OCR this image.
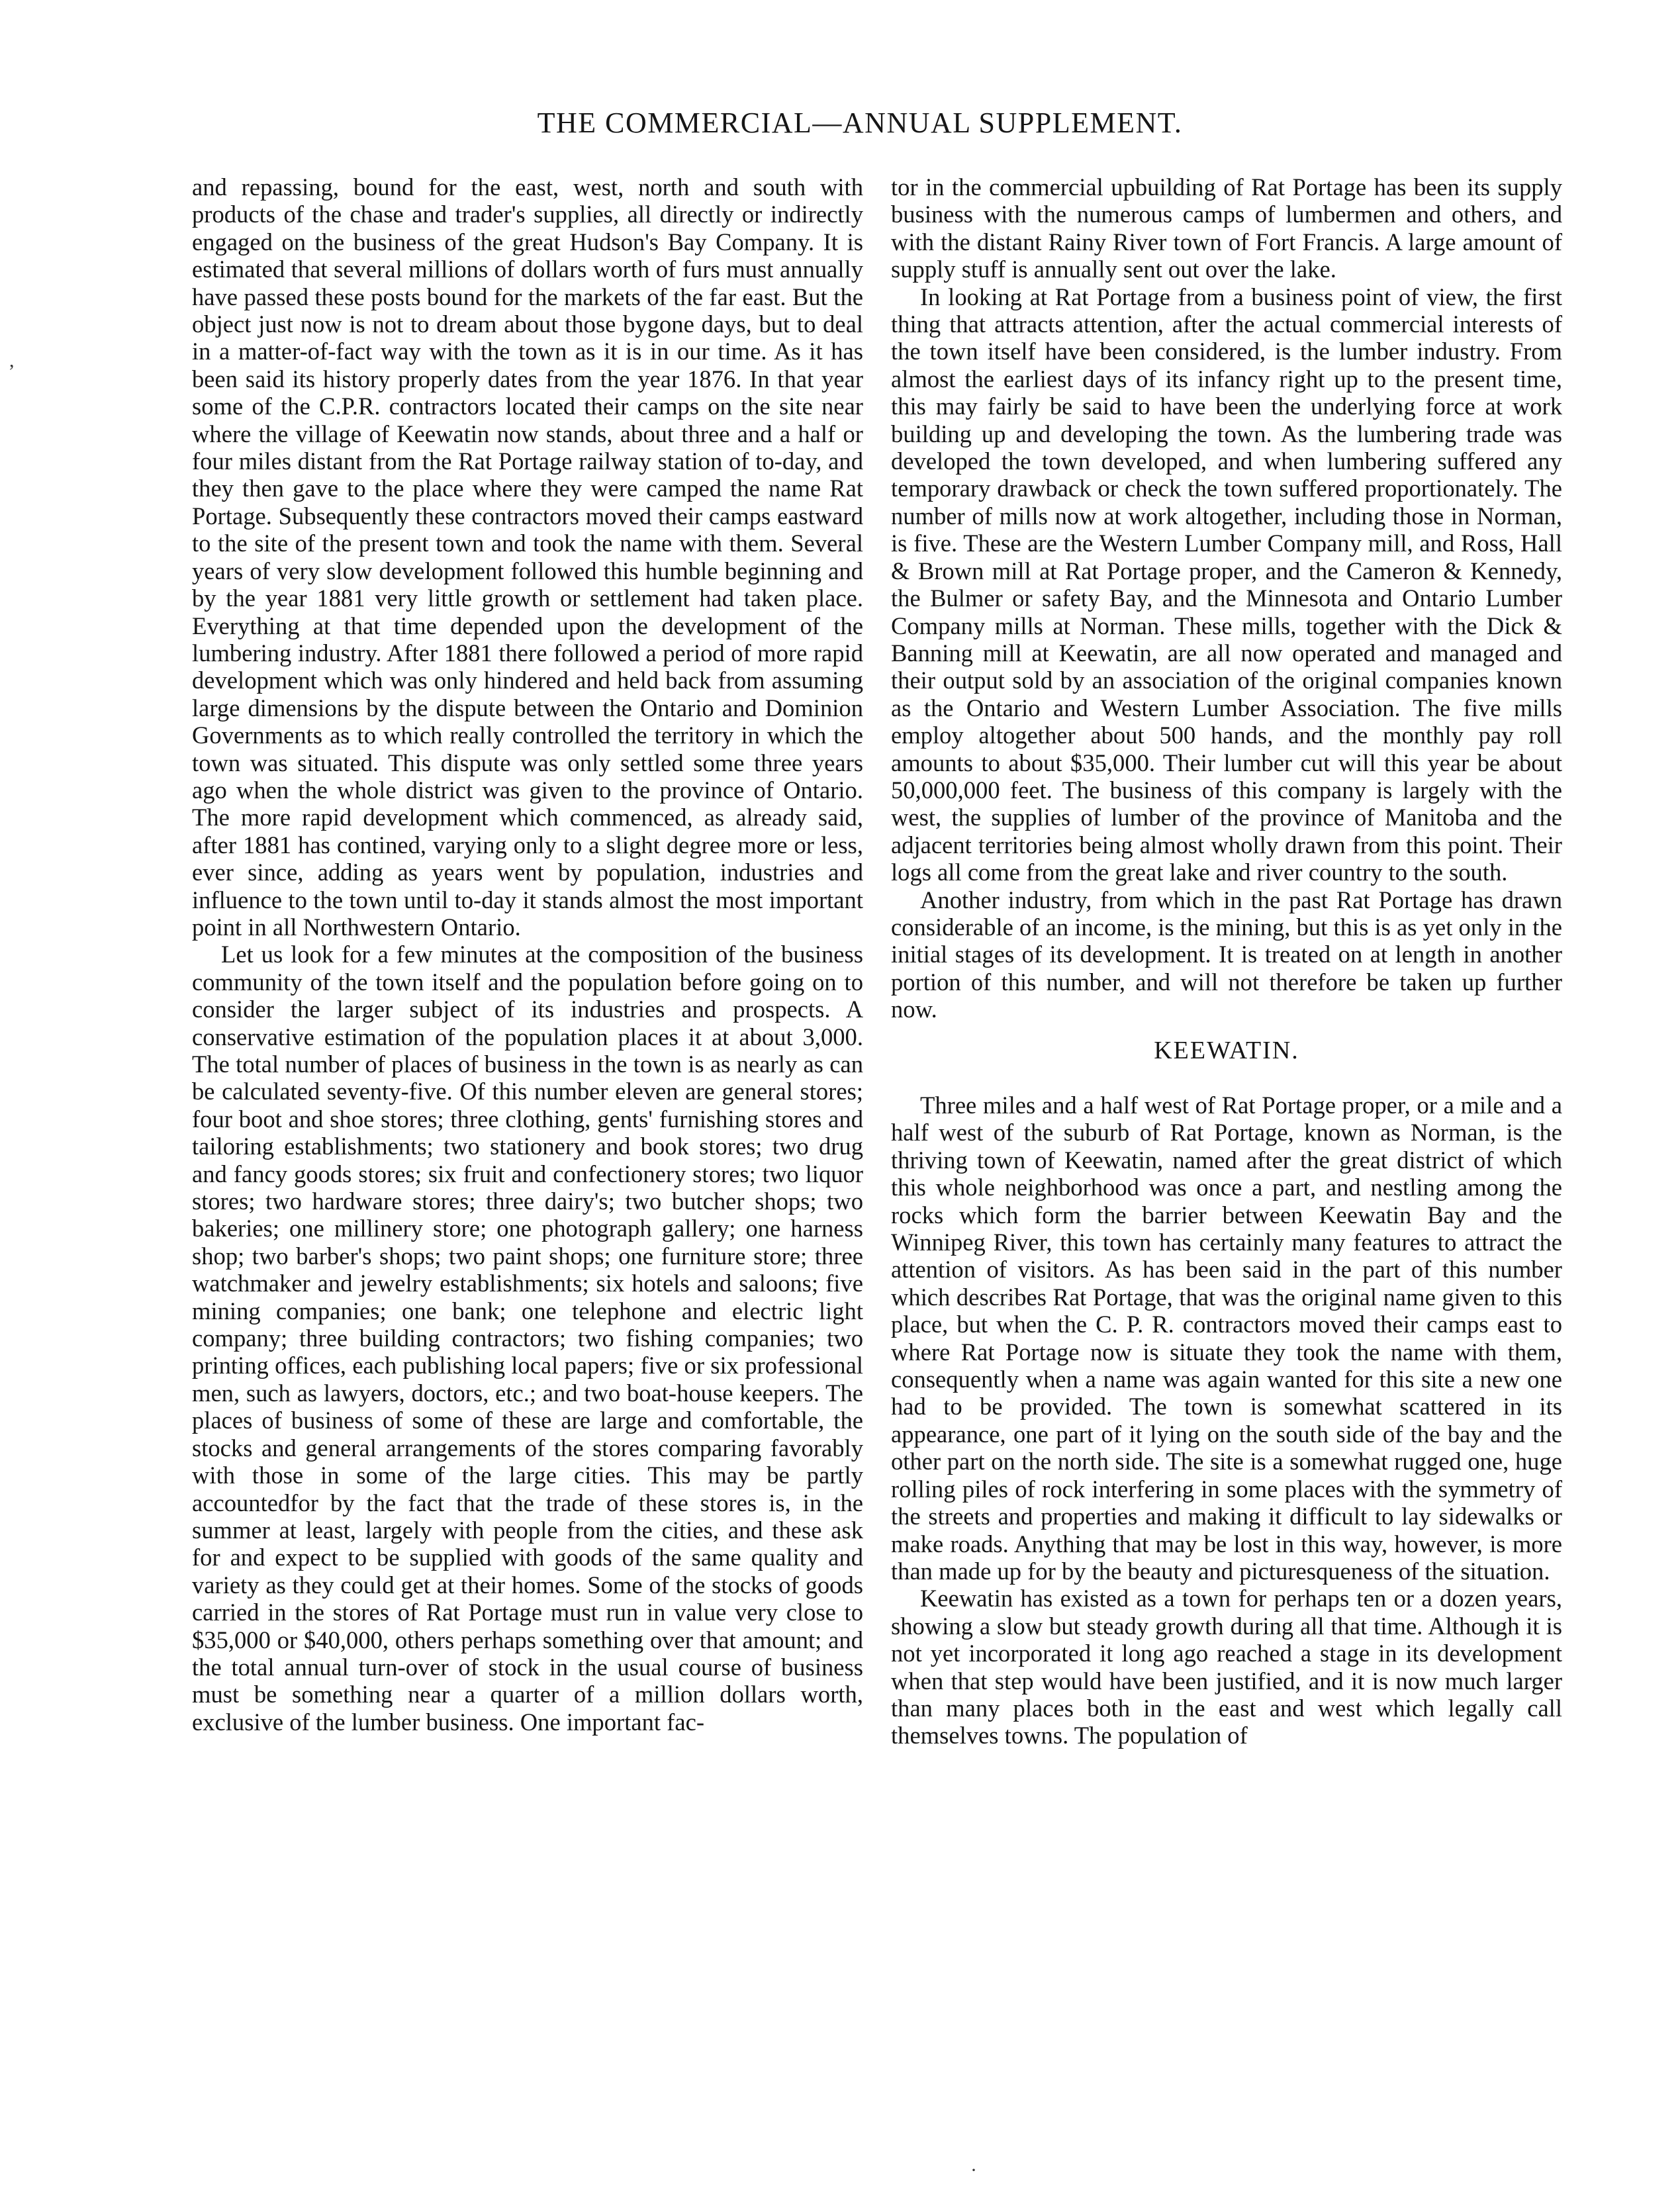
THE COMMERCIAL—ANNUAL SUPPLEMENT.

and repassing, bound for the east, west, north and south with products of the chase and trader's supplies, all directly or indirectly engaged on the business of the great Hudson's Bay Company. It is estimated that several millions of dollars worth of furs must annually have passed these posts bound for the markets of the far east. But the object just now is not to dream about those bygone days, but to deal in a matter-of-fact way with the town as it is in our time. As it has been said its history properly dates from the year 1876. In that year some of the C.P.R. contractors located their camps on the site near where the village of Keewatin now stands, about three and a half or four miles distant from the Rat Portage railway station of to-day, and they then gave to the place where they were camped the name Rat Portage. Subsequently these contractors moved their camps eastward to the site of the present town and took the name with them. Several years of very slow development followed this humble beginning and by the year 1881 very little growth or settlement had taken place. Everything at that time depended upon the development of the lumbering industry. After 1881 there followed a period of more rapid development which was only hindered and held back from assuming large dimensions by the dispute between the Ontario and Dominion Governments as to which really controlled the territory in which the town was situated. This dispute was only settled some three years ago when the whole district was given to the province of Ontario. The more rapid development which commenced, as already said, after 1881 has contined, varying only to a slight degree more or less, ever since, adding as years went by population, industries and influence to the town until to-day it stands almost the most important point in all Northwestern Ontario.

Let us look for a few minutes at the composition of the business community of the town itself and the population before going on to consider the larger subject of its industries and prospects. A conservative estimation of the population places it at about 3,000. The total number of places of business in the town is as nearly as can be calculated seventy-five. Of this number eleven are general stores; four boot and shoe stores; three clothing, gents' furnishing stores and tailoring establishments; two stationery and book stores; two drug and fancy goods stores; six fruit and confectionery stores; two liquor stores; two hardware stores; three dairy's; two butcher shops; two bakeries; one millinery store; one photograph gallery; one harness shop; two barber's shops; two paint shops; one furniture store; three watchmaker and jewelry establishments; six hotels and saloons; five mining companies; one bank; one telephone and electric light company; three building contractors; two fishing companies; two printing offices, each publishing local papers; five or six professional men, such as lawyers, doctors, etc.; and two boat-house keepers. The places of business of some of these are large and comfortable, the stocks and general arrangements of the stores comparing favorably with those in some of the large cities. This may be partly accountedfor by the fact that the trade of these stores is, in the summer at least, largely with people from the cities, and these ask for and expect to be supplied with goods of the same quality and variety as they could get at their homes. Some of the stocks of goods carried in the stores of Rat Portage must run in value very close to $35,000 or $40,000, others perhaps something over that amount; and the total annual turn-over of stock in the usual course of business must be something near a quarter of a million dollars worth, exclusive of the lumber business. One important fac-

tor in the commercial upbuilding of Rat Portage has been its supply business with the numerous camps of lumbermen and others, and with the distant Rainy River town of Fort Francis. A large amount of supply stuff is annually sent out over the lake.

In looking at Rat Portage from a business point of view, the first thing that attracts attention, after the actual commercial interests of the town itself have been considered, is the lumber industry. From almost the earliest days of its infancy right up to the present time, this may fairly be said to have been the underlying force at work building up and developing the town. As the lumbering trade was developed the town developed, and when lumbering suffered any temporary drawback or check the town suffered proportionately. The number of mills now at work altogether, including those in Norman, is five. These are the Western Lumber Company mill, and Ross, Hall & Brown mill at Rat Portage proper, and the Cameron & Kennedy, the Bulmer or safety Bay, and the Minnesota and Ontario Lumber Company mills at Norman. These mills, together with the Dick & Banning mill at Keewatin, are all now operated and managed and their output sold by an association of the original companies known as the Ontario and Western Lumber Association. The five mills employ altogether about 500 hands, and the monthly pay roll amounts to about $35,000. Their lumber cut will this year be about 50,000,000 feet. The business of this company is largely with the west, the supplies of lumber of the province of Manitoba and the adjacent territories being almost wholly drawn from this point. Their logs all come from the great lake and river country to the south.

Another industry, from which in the past Rat Portage has drawn considerable of an income, is the mining, but this is as yet only in the initial stages of its development. It is treated on at length in another portion of this number, and will not therefore be taken up further now.

KEEWATIN.

Three miles and a half west of Rat Portage proper, or a mile and a half west of the suburb of Rat Portage, known as Norman, is the thriving town of Keewatin, named after the great district of which this whole neighborhood was once a part, and nestling among the rocks which form the barrier between Keewatin Bay and the Winnipeg River, this town has certainly many features to attract the attention of visitors. As has been said in the part of this number which describes Rat Portage, that was the original name given to this place, but when the C. P. R. contractors moved their camps east to where Rat Portage now is situate they took the name with them, consequently when a name was again wanted for this site a new one had to be provided. The town is somewhat scattered in its appearance, one part of it lying on the south side of the bay and the other part on the north side. The site is a somewhat rugged one, huge rolling piles of rock interfering in some places with the symmetry of the streets and properties and making it difficult to lay sidewalks or make roads. Anything that may be lost in this way, however, is more than made up for by the beauty and picturesqueness of the situation.

Keewatin has existed as a town for perhaps ten or a dozen years, showing a slow but steady growth during all that time. Although it is not yet incorporated it long ago reached a stage in its development when that step would have been justified, and it is now much larger than many places both in the east and west which legally call themselves towns. The population of

,
·
